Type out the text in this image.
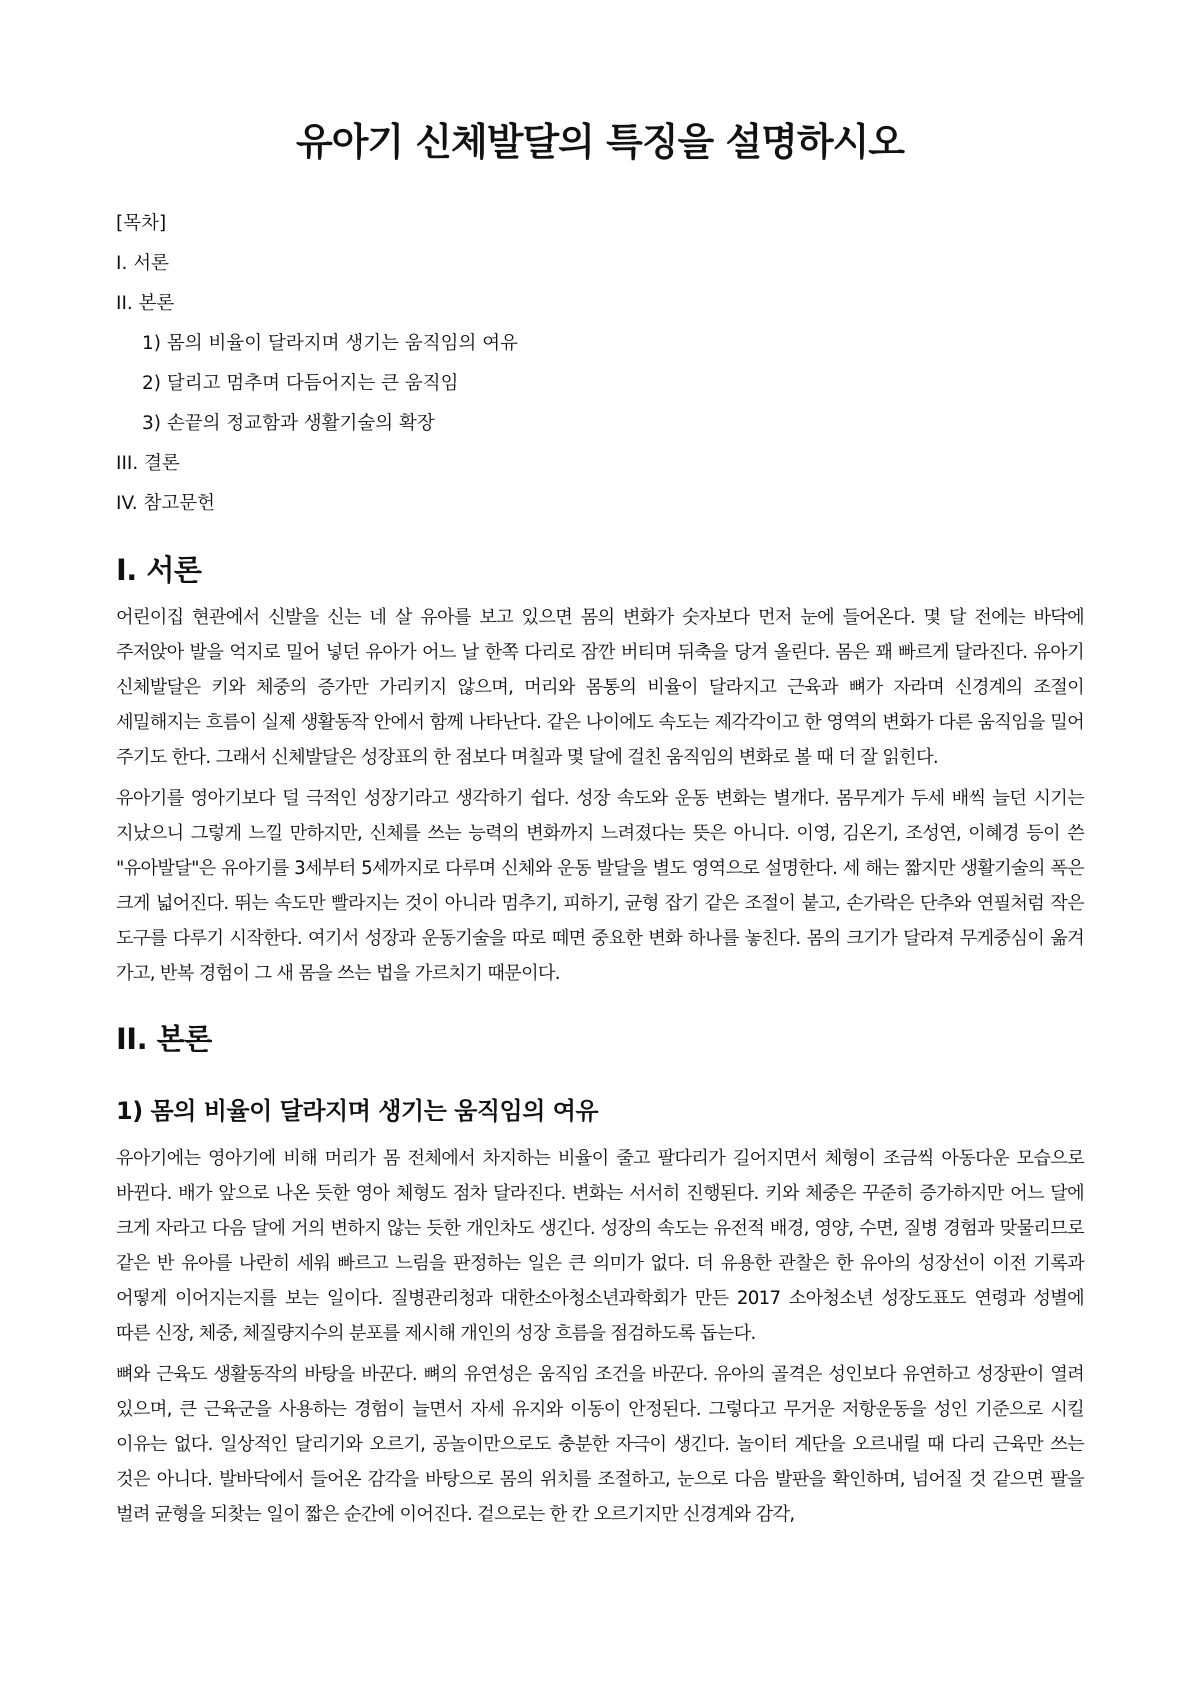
유아기 신체발달의 특징을 설명하시오
[목차]
I. 서론
II. 본론
1) 몸의 비율이 달라지며 생기는 움직임의 여유
2) 달리고 멈추며 다듬어지는 큰 움직임
3) 손끝의 정교함과 생활기술의 확장
III. 결론
IV. 참고문헌
I. 서론

어린이집 현관에서 신발을 신는 네 살 유아를 보고 있으면 몸의 변화가 숫자보다 먼저 눈에 들어온다. 몇 달 전에는 바닥에 주저앉아 발을 억지로 밀어 넣던 유아가 어느 날 한쪽 다리로 잠깐 버티며 뒤축을 당겨 올린다. 몸은 꽤 빠르게 달라진다. 유아기 신체발달은 키와 체중의 증가만 가리키지 않으며, 머리와 몸통의 비율이 달라지고 근육과 뼈가 자라며 신경계의 조절이 세밀해지는 흐름이 실제 생활동작 안에서 함께 나타난다. 같은 나이에도 속도는 제각각이고 한 영역의 변화가 다른 움직임을 밀어 주기도 한다. 그래서 신체발달은 성장표의 한 점보다 며칠과 몇 달에 걸친 움직임의 변화로 볼 때 더 잘 읽힌다.

유아기를 영아기보다 덜 극적인 성장기라고 생각하기 쉽다. 성장 속도와 운동 변화는 별개다. 몸무게가 두세 배씩 늘던 시기는 지났으니 그렇게 느낄 만하지만, 신체를 쓰는 능력의 변화까지 느려졌다는 뜻은 아니다. 이영, 김온기, 조성연, 이혜경 등이 쓴 "유아발달"은 유아기를 3세부터 5세까지로 다루며 신체와 운동 발달을 별도 영역으로 설명한다. 세 해는 짧지만 생활기술의 폭은 크게 넓어진다. 뛰는 속도만 빨라지는 것이 아니라 멈추기, 피하기, 균형 잡기 같은 조절이 붙고, 손가락은 단추와 연필처럼 작은 도구를 다루기 시작한다. 여기서 성장과 운동기술을 따로 떼면 중요한 변화 하나를 놓친다. 몸의 크기가 달라져 무게중심이 옮겨 가고, 반복 경험이 그 새 몸을 쓰는 법을 가르치기 때문이다.

II. 본론
1) 몸의 비율이 달라지며 생기는 움직임의 여유

유아기에는 영아기에 비해 머리가 몸 전체에서 차지하는 비율이 줄고 팔다리가 길어지면서 체형이 조금씩 아동다운 모습으로 바뀐다. 배가 앞으로 나온 듯한 영아 체형도 점차 달라진다. 변화는 서서히 진행된다. 키와 체중은 꾸준히 증가하지만 어느 달에 크게 자라고 다음 달에 거의 변하지 않는 듯한 개인차도 생긴다. 성장의 속도는 유전적 배경, 영양, 수면, 질병 경험과 맞물리므로 같은 반 유아를 나란히 세워 빠르고 느림을 판정하는 일은 큰 의미가 없다. 더 유용한 관찰은 한 유아의 성장선이 이전 기록과 어떻게 이어지는지를 보는 일이다. 질병관리청과 대한소아청소년과학회가 만든 2017 소아청소년 성장도표도 연령과 성별에 따른 신장, 체중, 체질량지수의 분포를 제시해 개인의 성장 흐름을 점검하도록 돕는다.

뼈와 근육도 생활동작의 바탕을 바꾼다. 뼈의 유연성은 움직임 조건을 바꾼다. 유아의 골격은 성인보다 유연하고 성장판이 열려 있으며, 큰 근육군을 사용하는 경험이 늘면서 자세 유지와 이동이 안정된다. 그렇다고 무거운 저항운동을 성인 기준으로 시킬 이유는 없다. 일상적인 달리기와 오르기, 공놀이만으로도 충분한 자극이 생긴다. 놀이터 계단을 오르내릴 때 다리 근육만 쓰는 것은 아니다. 발바닥에서 들어온 감각을 바탕으로 몸의 위치를 조절하고, 눈으로 다음 발판을 확인하며, 넘어질 것 같으면 팔을 벌려 균형을 되찾는 일이 짧은 순간에 이어진다. 겉으로는 한 칸 오르기지만 신경계와 감각,
